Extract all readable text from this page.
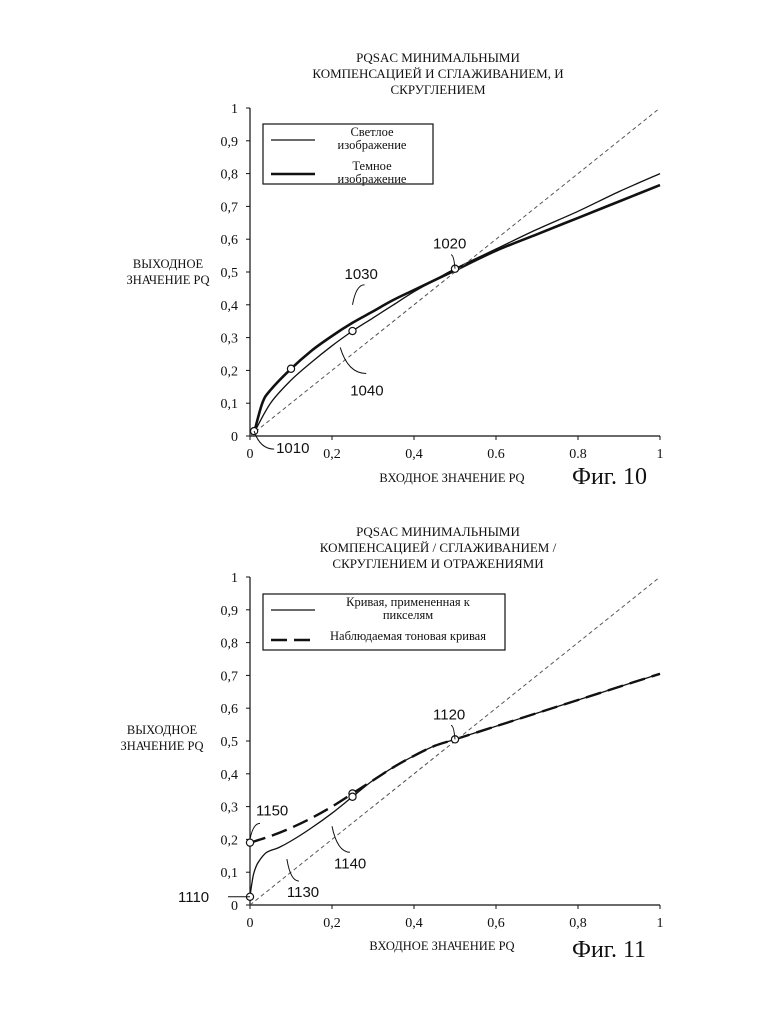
PQSAC МИНИМАЛЬНЫМИ
КОМПЕНСАЦИЕЙ И СГЛАЖИВАНИЕМ, И
СКРУГЛЕНИЕМ
0
0,1
0,2
0,3
0,4
0,5
0,6
0,7
0,8
0,9
1
0	0,2	0,4	0.6	0.8	1
ВЫХОДНОЕ
ЗНАЧЕНИЕ PQ
ВХОДНОЕ ЗНАЧЕНИЕ PQ Фиг. 10
1010
1020
1030
1040
Светлое
изображение
Темное
изображение
PQSAC МИНИМАЛЬНЫМИ
КОМПЕНСАЦИЕЙ / СГЛАЖИВАНИЕМ /
СКРУГЛЕНИЕМ И ОТРАЖЕНИЯМИ
0
0,1
0,2
0,3
0,4
0,5
0,6
0,7
0,8
0,9
1
0	0,2	0,4	0,6	0,8	1
ВЫХОДНОЕ
ЗНАЧЕНИЕ PQ
ВХОДНОЕ ЗНАЧЕНИЕ PQ Фиг. 11
1110
1120
1130
1140
1150
Кривая, примененная к
пикселям
Наблюдаемая тоновая кривая
